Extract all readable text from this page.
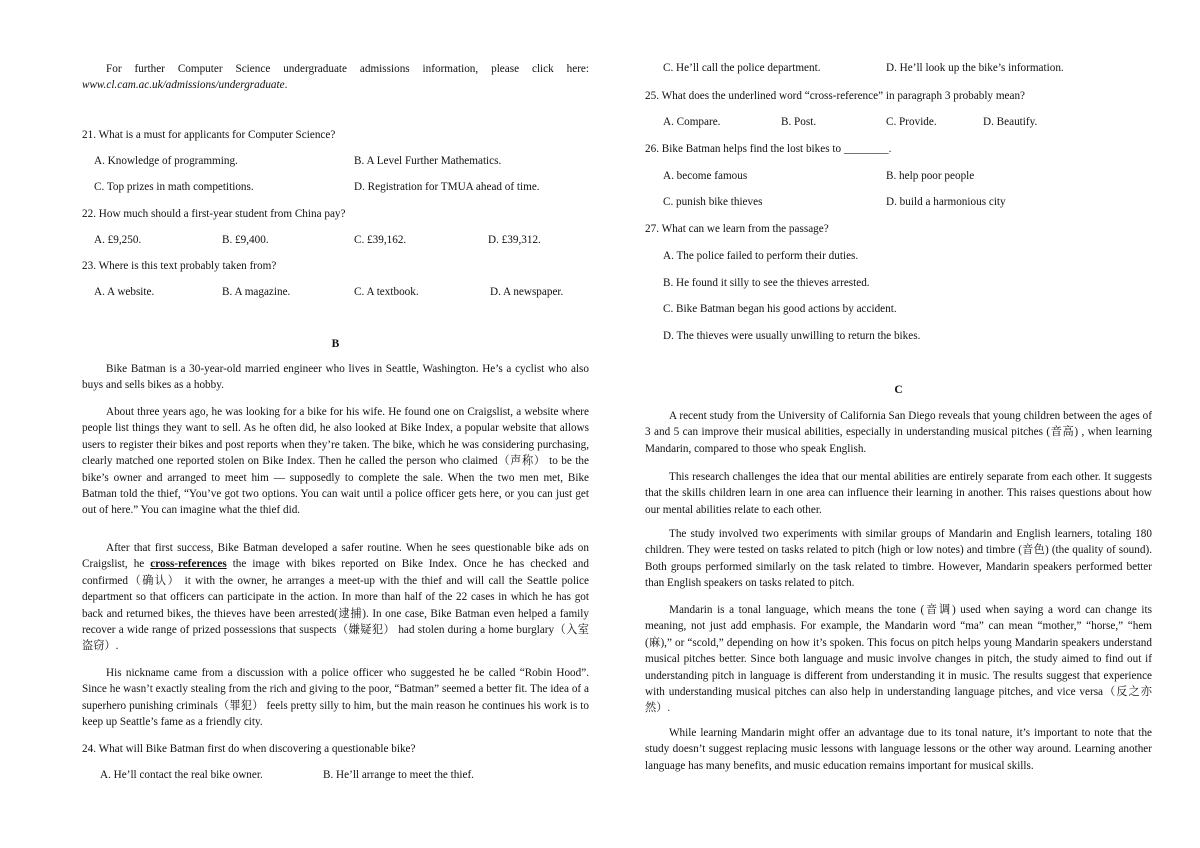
For further Computer Science undergraduate admissions information, please click here: www.cl.cam.ac.uk/admissions/undergraduate.
21. What is a must for applicants for Computer Science?
A. Knowledge of programming.	B. A Level Further Mathematics.
C. Top prizes in math competitions.	D. Registration for TMUA ahead of time.
22. How much should a first-year student from China pay?
A. £9,250.	B. £9,400.	C. £39,162.	D. £39,312.
23. Where is this text probably taken from?
A. A website.	B. A magazine.	C. A textbook.	D. A newspaper.
B
Bike Batman is a 30-year-old married engineer who lives in Seattle, Washington. He’s a cyclist who also buys and sells bikes as a hobby.
About three years ago, he was looking for a bike for his wife. He found one on Craigslist, a website where people list things they want to sell. As he often did, he also looked at Bike Index, a popular website that allows users to register their bikes and post reports when they’re taken. The bike, which he was considering purchasing, clearly matched one reported stolen on Bike Index. Then he called the person who claimed（声称） to be the bike’s owner and arranged to meet him — supposedly to complete the sale. When the two men met, Bike Batman told the thief, “You’ve got two options. You can wait until a police officer gets here, or you can just get out of here.” You can imagine what the thief did.
After that first success, Bike Batman developed a safer routine. When he sees questionable bike ads on Craigslist, he cross-references the image with bikes reported on Bike Index. Once he has checked and confirmed（确认） it with the owner, he arranges a meet-up with the thief and will call the Seattle police department so that officers can participate in the action. In more than half of the 22 cases in which he has got back and returned bikes, the thieves have been arrested(逮捕). In one case, Bike Batman even helped a family recover a wide range of prized possessions that suspects（嫌疑犯） had stolen during a home burglary（入室盗窃）.
His nickname came from a discussion with a police officer who suggested he be called “Robin Hood”. Since he wasn’t exactly stealing from the rich and giving to the poor, “Batman” seemed a better fit. The idea of a superhero punishing criminals（罪犯） feels pretty silly to him, but the main reason he continues his work is to keep up Seattle’s fame as a friendly city.
24. What will Bike Batman first do when discovering a questionable bike?
A. He’ll contact the real bike owner.	B. He’ll arrange to meet the thief.
C. He’ll call the police department.	D. He’ll look up the bike’s information.
25. What does the underlined word “cross-reference” in paragraph 3 probably mean?
A. Compare.	B. Post.	C. Provide.	D. Beautify.
26. Bike Batman helps find the lost bikes to ________.
A. become famous	B. help poor people
C. punish bike thieves	D. build a harmonious city
27. What can we learn from the passage?
A. The police failed to perform their duties.
B. He found it silly to see the thieves arrested.
C. Bike Batman began his good actions by accident.
D. The thieves were usually unwilling to return the bikes.
C
A recent study from the University of California San Diego reveals that young children between the ages of 3 and 5 can improve their musical abilities, especially in understanding musical pitches (音高) , when learning Mandarin, compared to those who speak English.
This research challenges the idea that our mental abilities are entirely separate from each other. It suggests that the skills children learn in one area can influence their learning in another. This raises questions about how our mental abilities relate to each other.
The study involved two experiments with similar groups of Mandarin and English learners, totaling 180 children. They were tested on tasks related to pitch (high or low notes) and timbre (音色) (the quality of sound). Both groups performed similarly on the task related to timbre. However, Mandarin speakers performed better than English speakers on tasks related to pitch.
Mandarin is a tonal language, which means the tone (音调) used when saying a word can change its meaning, not just add emphasis. For example, the Mandarin word “ma” can mean “mother,” “horse,” “hem (麻),” or “scold,” depending on how it’s spoken. This focus on pitch helps young Mandarin speakers understand musical pitches better. Since both language and music involve changes in pitch, the study aimed to find out if understanding pitch in language is different from understanding it in music. The results suggest that experience with understanding musical pitches can also help in understanding language pitches, and vice versa（反之亦然）.
While learning Mandarin might offer an advantage due to its tonal nature, it’s important to note that the study doesn’t suggest replacing music lessons with language lessons or the other way around. Learning another language has many benefits, and music education remains important for musical skills.
